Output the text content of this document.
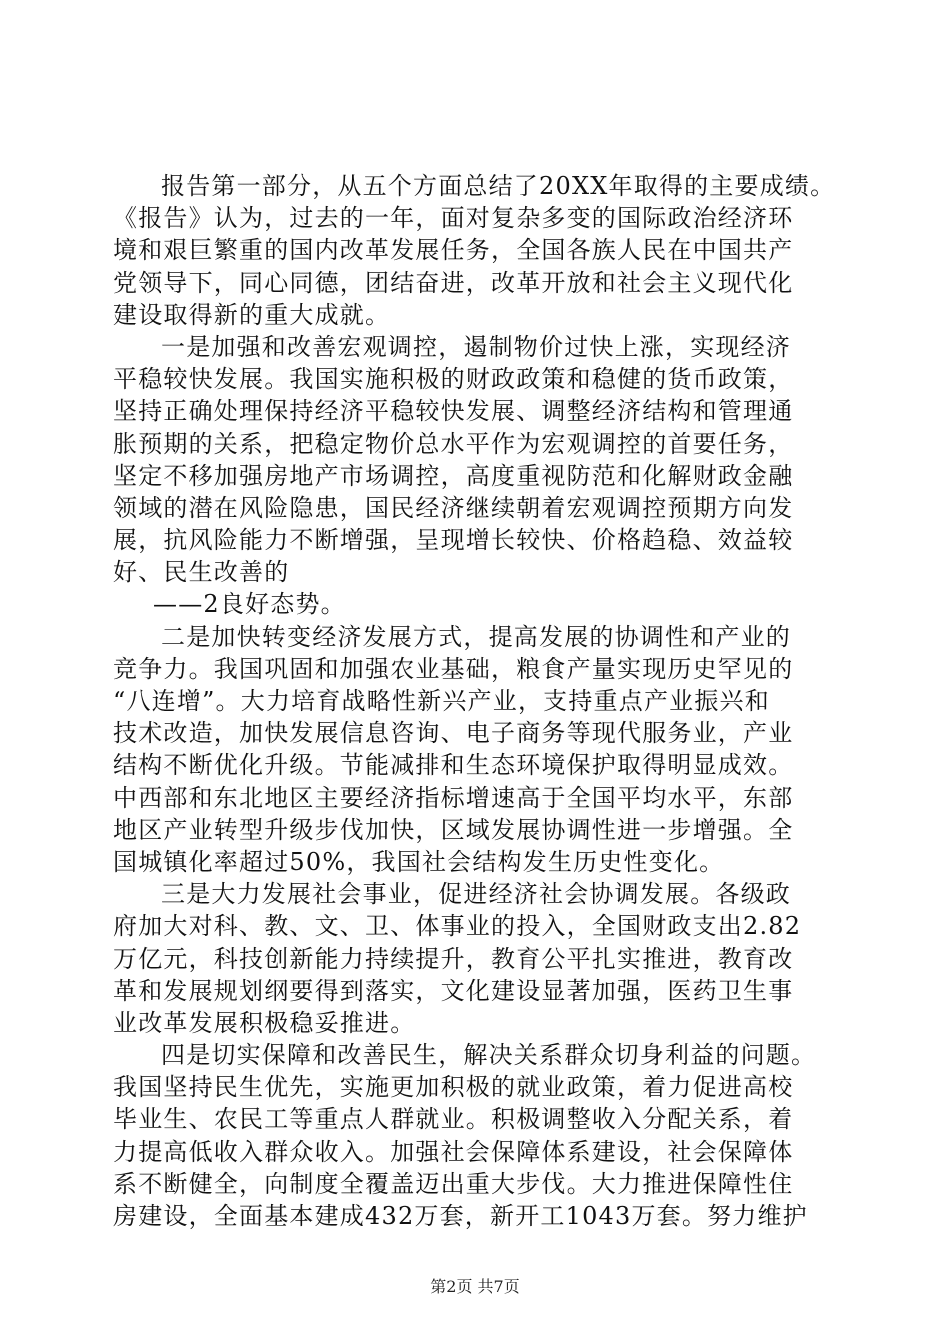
报告第一部分，从五个方面总结了20XX年取得的主要成绩。
《报告》认为，过去的一年，面对复杂多变的国际政治经济环
境和艰巨繁重的国内改革发展任务，全国各族人民在中国共产
党领导下，同心同德，团结奋进，改革开放和社会主义现代化
建设取得新的重大成就。
一是加强和改善宏观调控，遏制物价过快上涨，实现经济
平稳较快发展。我国实施积极的财政政策和稳健的货币政策，
坚持正确处理保持经济平稳较快发展、调整经济结构和管理通
胀预期的关系，把稳定物价总水平作为宏观调控的首要任务，
坚定不移加强房地产市场调控，高度重视防范和化解财政金融
领域的潜在风险隐患，国民经济继续朝着宏观调控预期方向发
展，抗风险能力不断增强，呈现增长较快、价格趋稳、效益较
好、民生改善的
——2良好态势。
二是加快转变经济发展方式，提高发展的协调性和产业的
竞争力。我国巩固和加强农业基础，粮食产量实现历史罕见的
“八连增”。大力培育战略性新兴产业，支持重点产业振兴和
技术改造，加快发展信息咨询、电子商务等现代服务业，产业
结构不断优化升级。节能减排和生态环境保护取得明显成效。
中西部和东北地区主要经济指标增速高于全国平均水平，东部
地区产业转型升级步伐加快，区域发展协调性进一步增强。全
国城镇化率超过50%，我国社会结构发生历史性变化。
三是大力发展社会事业，促进经济社会协调发展。各级政
府加大对科、教、文、卫、体事业的投入，全国财政支出2.82
万亿元，科技创新能力持续提升，教育公平扎实推进，教育改
革和发展规划纲要得到落实，文化建设显著加强，医药卫生事
业改革发展积极稳妥推进。
四是切实保障和改善民生，解决关系群众切身利益的问题。
我国坚持民生优先，实施更加积极的就业政策，着力促进高校
毕业生、农民工等重点人群就业。积极调整收入分配关系，着
力提高低收入群众收入。加强社会保障体系建设，社会保障体
系不断健全，向制度全覆盖迈出重大步伐。大力推进保障性住
房建设，全面基本建成432万套，新开工1043万套。努力维护
第2页 共7页
